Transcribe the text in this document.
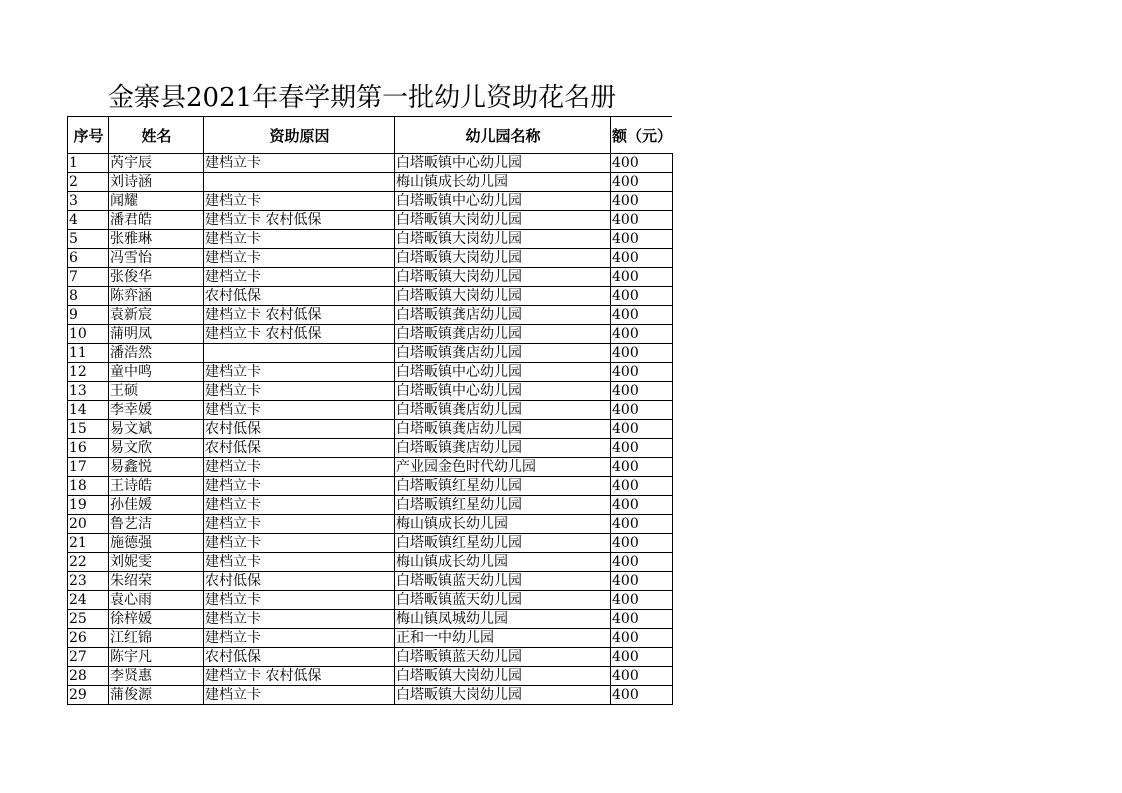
金寨县2021年春学期第一批幼儿资助花名册
序号	姓名	资助原因	幼儿园名称	额（元）
1	芮宇辰	建档立卡	白塔畈镇中心幼儿园	400
2	刘诗涵		梅山镇成长幼儿园	400
3	闻耀	建档立卡	白塔畈镇中心幼儿园	400
4	潘君皓	建档立卡 农村低保	白塔畈镇大岗幼儿园	400
5	张雅琳	建档立卡	白塔畈镇大岗幼儿园	400
6	冯雪怡	建档立卡	白塔畈镇大岗幼儿园	400
7	张俊华	建档立卡	白塔畈镇大岗幼儿园	400
8	陈弈涵	农村低保	白塔畈镇大岗幼儿园	400
9	袁新宸	建档立卡 农村低保	白塔畈镇龚店幼儿园	400
10	蒲明凤	建档立卡 农村低保	白塔畈镇龚店幼儿园	400
11	潘浩然		白塔畈镇龚店幼儿园	400
12	童中鸣	建档立卡	白塔畈镇中心幼儿园	400
13	王硕	建档立卡	白塔畈镇中心幼儿园	400
14	李幸媛	建档立卡	白塔畈镇龚店幼儿园	400
15	易文斌	农村低保	白塔畈镇龚店幼儿园	400
16	易文欣	农村低保	白塔畈镇龚店幼儿园	400
17	易鑫悦	建档立卡	产业园金色时代幼儿园	400
18	王诗皓	建档立卡	白塔畈镇红星幼儿园	400
19	孙佳媛	建档立卡	白塔畈镇红星幼儿园	400
20	鲁艺洁	建档立卡	梅山镇成长幼儿园	400
21	施德强	建档立卡	白塔畈镇红星幼儿园	400
22	刘妮雯	建档立卡	梅山镇成长幼儿园	400
23	朱绍荣	农村低保	白塔畈镇蓝天幼儿园	400
24	袁心雨	建档立卡	白塔畈镇蓝天幼儿园	400
25	徐梓媛	建档立卡	梅山镇凤城幼儿园	400
26	江红锦	建档立卡	正和一中幼儿园	400
27	陈宇凡	农村低保	白塔畈镇蓝天幼儿园	400
28	李贤惠	建档立卡 农村低保	白塔畈镇大岗幼儿园	400
29	蒲俊源	建档立卡	白塔畈镇大岗幼儿园	400
